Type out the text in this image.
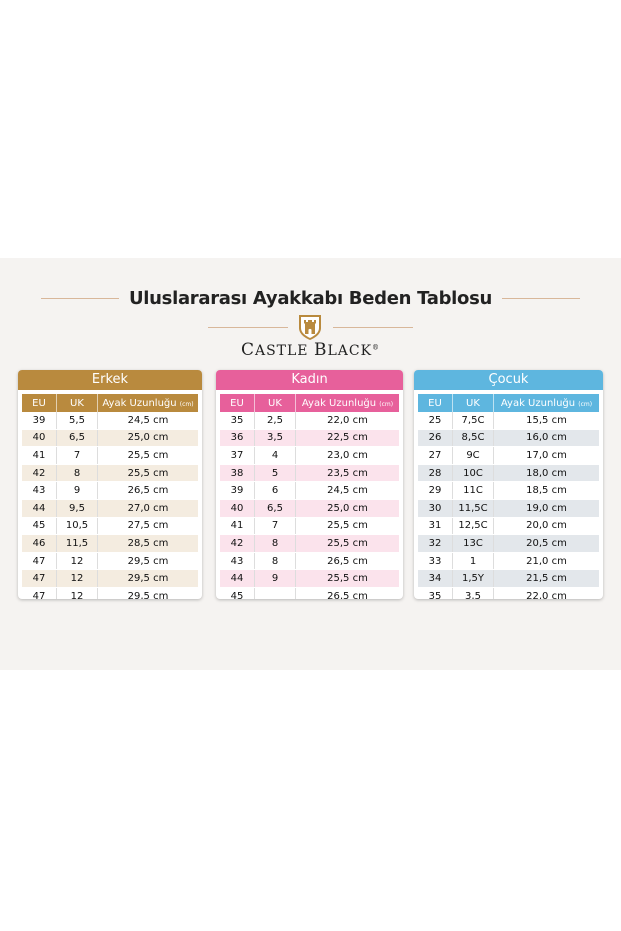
Uluslararası Ayakkabı Beden Tablosu
CASTLE BLACK®
Erkek
EU	UK	Ayak Uzunluğu (cm)
39	5,5	24,5 cm
40	6,5	25,0 cm
41	7	25,5 cm
42	8	25,5 cm
43	9	26,5 cm
44	9,5	27,0 cm
45	10,5	27,5 cm
46	11,5	28,5 cm
47	12	29,5 cm
47	12	29,5 cm
47	12	29,5 cm
Kadın
EU	UK	Ayak Uzunluğu (cm)
35	2,5	22,0 cm
36	3,5	22,5 cm
37	4	23,0 cm
38	5	23,5 cm
39	6	24,5 cm
40	6,5	25,0 cm
41	7	25,5 cm
42	8	25,5 cm
43	8	26,5 cm
44	9	25,5 cm
45		26,5 cm
Çocuk
EU	UK	Ayak Uzunluğu (cm)
25	7,5C	15,5 cm
26	8,5C	16,0 cm
27	9C	17,0 cm
28	10C	18,0 cm
29	11C	18,5 cm
30	11,5C	19,0 cm
31	12,5C	20,0 cm
32	13C	20,5 cm
33	1	21,0 cm
34	1,5Y	21,5 cm
35	3,5	22,0 cm
